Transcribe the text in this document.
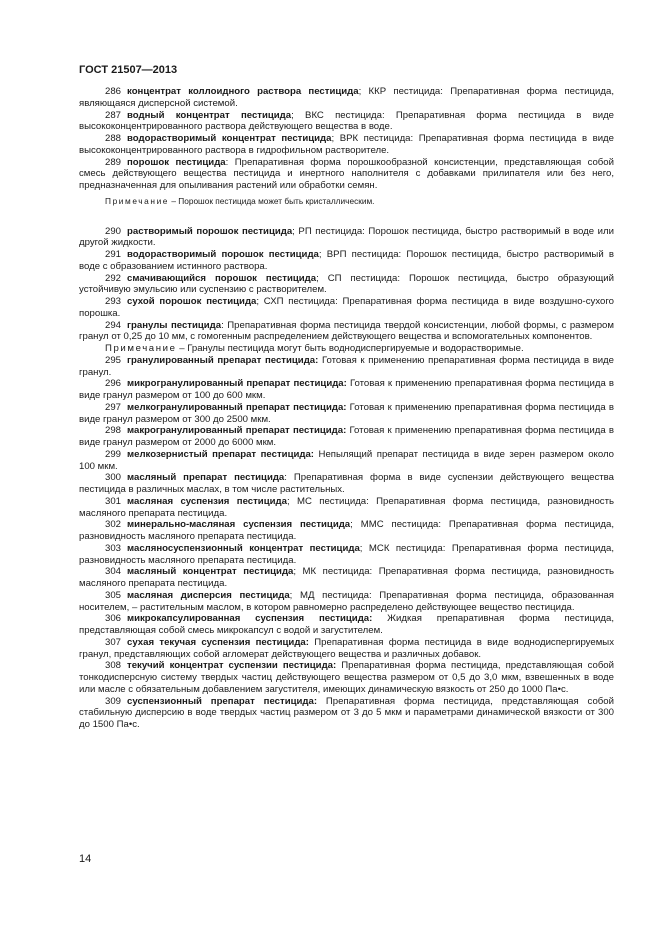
ГОСТ 21507—2013

286 концентрат коллоидного раствора пестицида; ККР пестицида: Препаративная форма пестицида, являющаяся дисперсной системой.

287 водный концентрат пестицида; ВКС пестицида: Препаративная форма пестицида в виде высококонцентрированного раствора действующего вещества в воде.

288 водорастворимый концентрат пестицида; ВРК пестицида: Препаративная форма пестицида в виде высококонцентрированного раствора в гидрофильном растворителе.

289 порошок пестицида: Препаративная форма порошкообразной консистенции, представляющая собой смесь действующего вещества пестицида и инертного наполнителя с добавками прилипателя или без него, предназначенная для опыливания растений или обработки семян.

Примечание – Порошок пестицида может быть кристаллическим.

290 растворимый порошок пестицида; РП пестицида: Порошок пестицида, быстро растворимый в воде или другой жидкости.

291 водорастворимый порошок пестицида; ВРП пестицида: Порошок пестицида, быстро растворимый в воде с образованием истинного раствора.

292 смачивающийся порошок пестицида; СП пестицида: Порошок пестицида, быстро образующий устойчивую эмульсию или суспензию с растворителем.

293 сухой порошок пестицида; СХП пестицида: Препаративная форма пестицида в виде воздушно-сухого порошка.

294 гранулы пестицида: Препаративная форма пестицида твердой консистенции, любой формы, с размером гранул от 0,25 до 10 мм, с гомогенным распределением действующего вещества и вспомогательных компонентов.

Примечание – Гранулы пестицида могут быть воднодиспергируемые и водорастворимые.

295 гранулированный препарат пестицида: Готовая к применению препаративная форма пестицида в виде гранул.

296 микрогранулированный препарат пестицида: Готовая к применению препаративная форма пестицида в виде гранул размером от 100 до 600 мкм.

297 мелкогранулированный препарат пестицида: Готовая к применению препаративная форма пестицида в виде гранул размером от 300 до 2500 мкм.

298 макрогранулированный препарат пестицида: Готовая к применению препаративная форма пестицида в виде гранул размером от 2000 до 6000 мкм.

299 мелкозернистый препарат пестицида: Непылящий препарат пестицида в виде зерен размером около 100 мкм.

300 масляный препарат пестицида: Препаративная форма в виде суспензии действующего вещества пестицида в различных маслах, в том числе растительных.

301 масляная суспензия пестицида; МС пестицида: Препаративная форма пестицида, разновидность масляного препарата пестицида.

302 минерально-масляная суспензия пестицида; ММС пестицида: Препаративная форма пестицида, разновидность масляного препарата пестицида.

303 масляносуспензионный концентрат пестицида; МСК пестицида: Препаративная форма пестицида, разновидность масляного препарата пестицида.

304 масляный концентрат пестицида; МК пестицида: Препаративная форма пестицида, разновидность масляного препарата пестицида.

305 масляная дисперсия пестицида; МД пестицида: Препаративная форма пестицида, образованная носителем, – растительным маслом, в котором равномерно распределено действующее вещество пестицида.

306 микрокапсулированная суспензия пестицида: Жидкая препаративная форма пестицида, представляющая собой смесь микрокапсул с водой и загустителем.

307 сухая текучая суспензия пестицида: Препаративная форма пестицида в виде воднодиспергируемых гранул, представляющих собой агломерат действующего вещества и различных добавок.

308 текучий концентрат суспензии пестицида: Препаративная форма пестицида, представляющая собой тонкодисперсную систему твердых частиц действующего вещества размером от 0,5 до 3,0 мкм, взвешенных в воде или масле с обязательным добавлением загустителя, имеющих динамическую вязкость от 250 до 1000 Па•с.

309 суспензионный препарат пестицида: Препаративная форма пестицида, представляющая собой стабильную дисперсию в воде твердых частиц размером от 3 до 5 мкм и параметрами динамической вязкости от 300 до 1500 Па•с.

14
